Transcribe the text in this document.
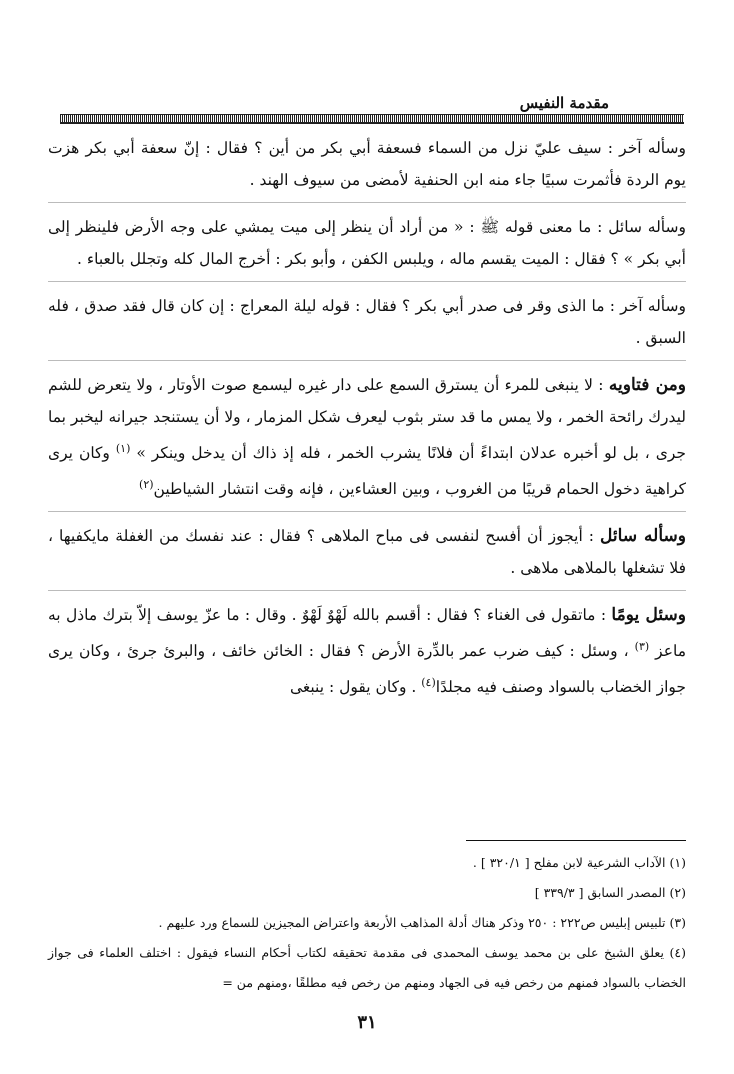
مقدمة النفيس

وسأله آخر : سيف عليّ نزل من السماء فسعفة أبي بكر من أين ؟ فقال : إنّ سعفة أبي بكر هزت يوم الردة فأثمرت سبيًا جاء منه ابن الحنفية لأمضى من سيوف الهند .

وسأله سائل : ما معنى قوله ﷺ : « من أراد أن ينظر إلى ميت يمشي على وجه الأرض فلينظر إلى أبي بكر » ؟ فقال : الميت يقسم ماله ، ويلبس الكفن ، وأبو بكر : أخرج المال كله وتجلل بالعباء .

وسأله آخر : ما الذى وقر فى صدر أبي بكر ؟ فقال : قوله ليلة المعراج : إن كان قال فقد صدق ، فله السبق .

ومن فتاويه : لا ينبغى للمرء أن يسترق السمع على دار غيره ليسمع صوت الأوتار ، ولا يتعرض للشم ليدرك رائحة الخمر ، ولا يمس ما قد ستر بثوب ليعرف شكل المزمار ، ولا أن يستنجد جيرانه ليخبر بما جرى ، بل لو أخبره عدلان ابتداءً أن فلانًا يشرب الخمر ، فله إذ ذاك أن يدخل وينكر » $^{(١)}$ وكان يرى كراهية دخول الحمام قريبًا من الغروب ، وبين العشاءين ، فإنه وقت انتشار الشياطين$^{(٢)}$

وسأله سائل : أيجوز أن أفسح لنفسى فى مباح الملاهى ؟ فقال : عند نفسك من الغفلة مايكفيها ، فلا تشغلها بالملاهى ملاهى .

وسئل يومًا : ماتقول فى الغناء ؟ فقال : أقسم بالله لَهْوٌ لَهْوٌ . وقال : ما عزّ يوسف إلاّ بترك ماذل به ماعز $^{(٣)}$ ، وسئل : كيف ضرب عمر بالدِّرة الأرض ؟ فقال : الخائن خائف ، والبرئ جرئ ، وكان يرى جواز الخضاب بالسواد وصنف فيه مجلدًا$^{(٤)}$ . وكان يقول : ينبغى

(١) الآداب الشرعية لابن مفلح [ ٣٢٠/١ ] .

(٢) المصدر السابق [ ٣٣٩/٣ ]

(٣) تلبيس إبليس ص٢٢٢ : ٢٥٠ وذكر هناك أدلة المذاهب الأربعة واعتراض المجيزين للسماع ورد عليهم .

(٤) يعلق الشيخ على بن محمد يوسف المحمدى فى مقدمة تحقيقه لكتاب أحكام النساء فيقول : اختلف العلماء فى جواز الخضاب بالسواد فمنهم من رخص فيه فى الجهاد ومنهم من رخص فيه مطلقًا ،ومنهم من =

٣١
